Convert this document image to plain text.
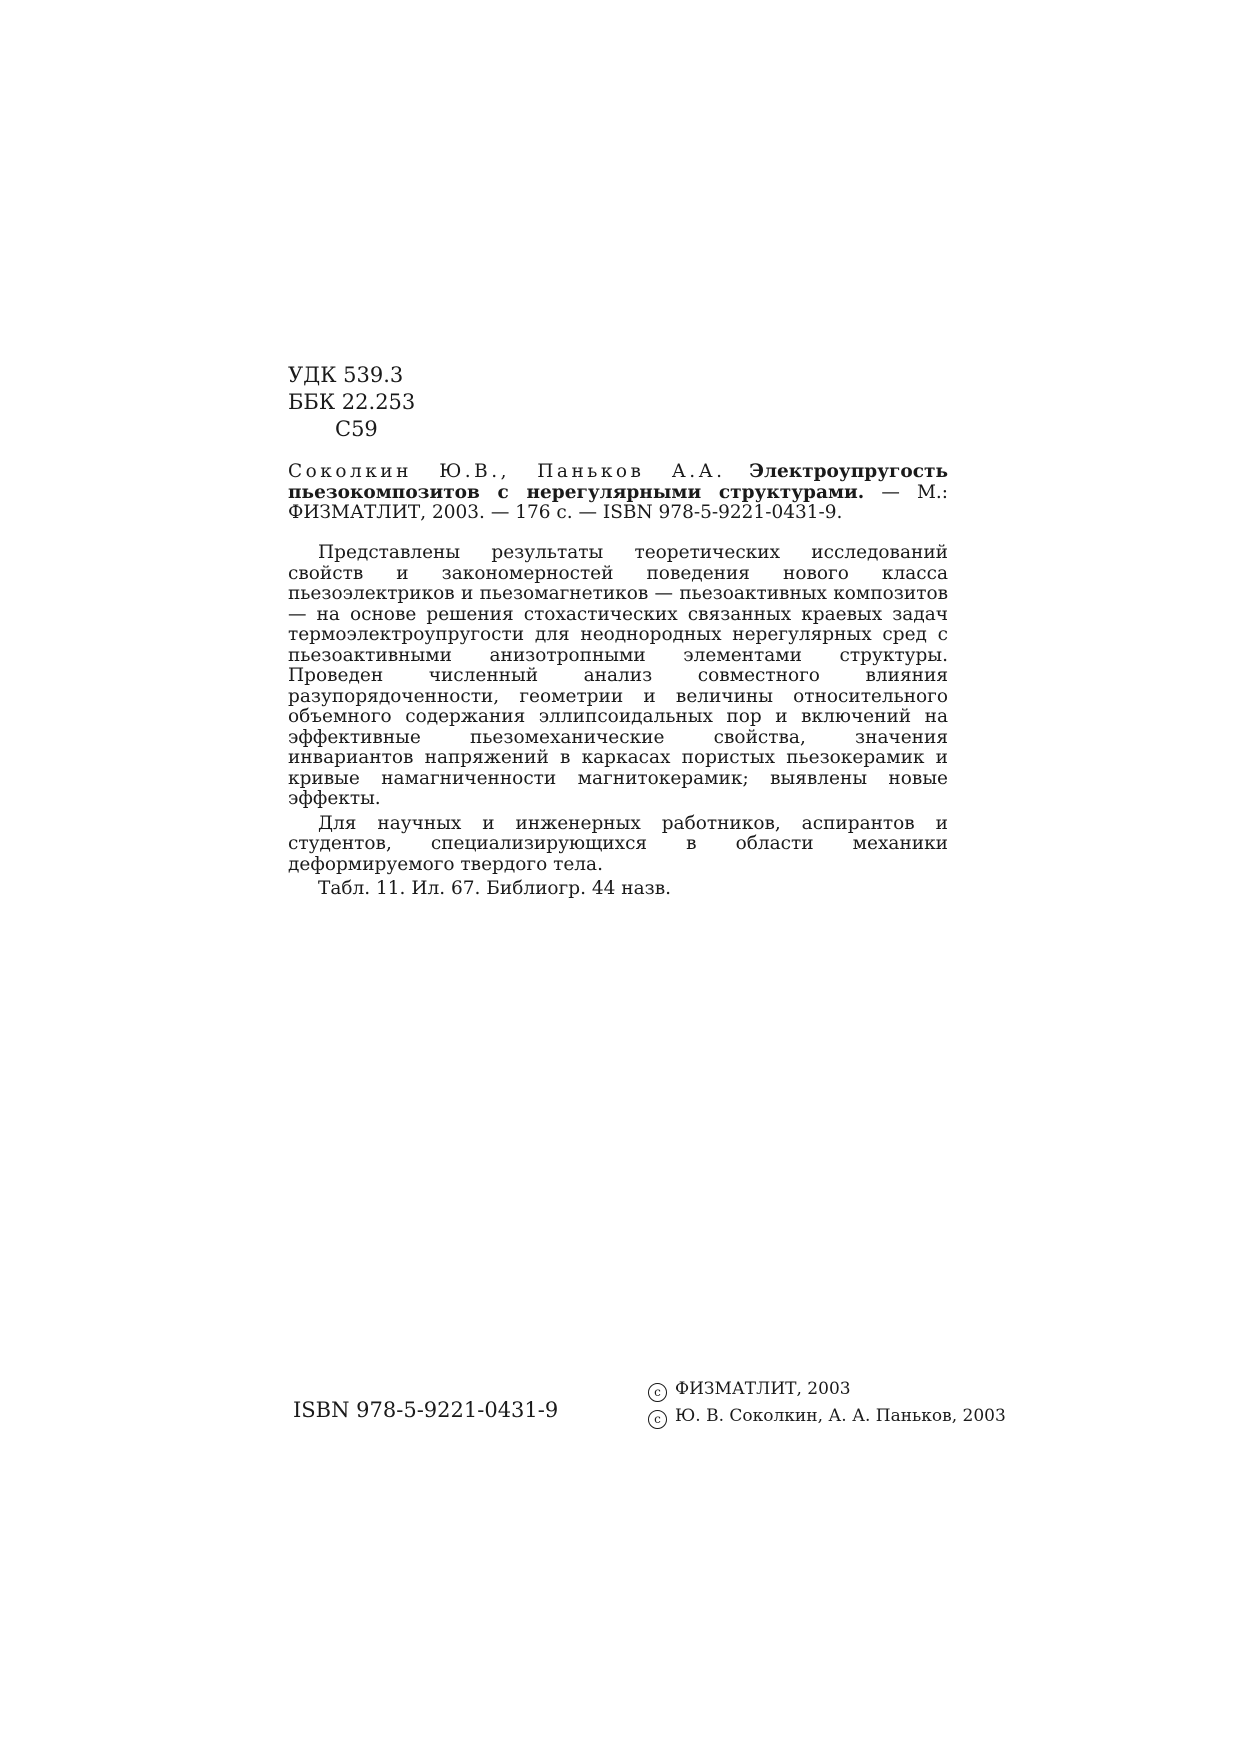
УДК 539.3
ББК 22.253
С59
Соколкин Ю.В., Паньков А.А. Электроупругость пьезокомпозитов с нерегулярными структурами. — М.: ФИЗМАТЛИТ, 2003. — 176 с. — ISBN 978-5-9221-0431-9.

Представлены результаты теоретических исследований свойств и закономерностей поведения нового класса пьезоэлектриков и пьезомагнетиков — пьезоактивных композитов — на основе решения стохастических связанных краевых задач термоэлектроупругости для неоднородных нерегулярных сред с пьезоактивными анизотропными элементами структуры. Проведен численный анализ совместного влияния разупорядоченности, геометрии и величины относительного объемного содержания эллипсоидальных пор и включений на эффективные пьезомеханические свойства, значения инвариантов напряжений в каркасах пористых пьезокерамик и кривые намагниченности магнитокерамик; выявлены новые эффекты.

Для научных и инженерных работников, аспирантов и студентов, специализирующихся в области механики деформируемого твердого тела.

Табл. 11. Ил. 67. Библиогр. 44 назв.

ISBN 978-5-9221-0431-9
c ФИЗМАТЛИТ, 2003
c Ю. В. Соколкин, А. А. Паньков, 2003
